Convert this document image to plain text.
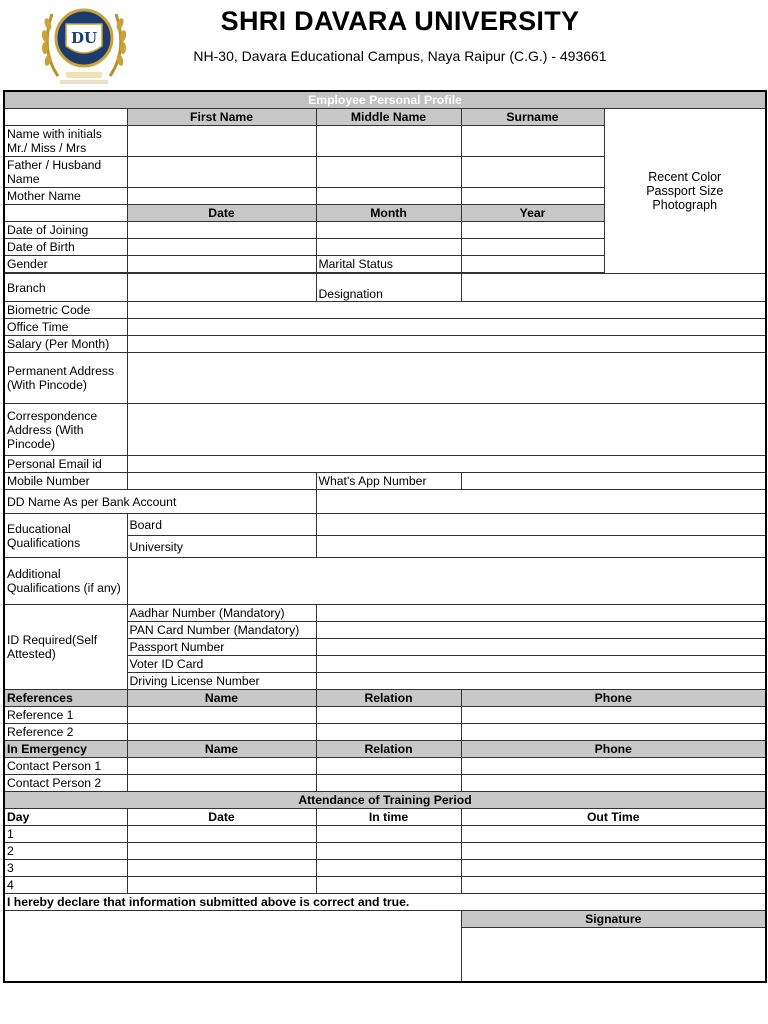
DU
SHRI DAVARA UNIVERSITY
NH-30, Davara Educational Campus, Naya Raipur (C.G.) - 493661
Employee Personal Profile				
	First Name	Middle Name	Surname	Recent Color Passport Size Photograph
Name with initials Mr./ Miss / Mrs				
Father / Husband Name				
Mother Name				
	Date	Month	Year	
Date of Joining				
Date of Birth				
Gender		Marital Status		

Branch		Designation		
Biometric Code				
Office Time				
Salary (Per Month)				
Permanent Address (With Pincode)				
Correspondence Address (With Pincode)				
Personal Email id				
Mobile Number		What's App Number		
DD Name As per Bank Account				
Educational Qualifications	Board			
	University			
Additional Qualifications (if any)				
ID Required(Self Attested)	Aadhar Number (Mandatory)			
	PAN Card Number (Mandatory)			
	Passport Number			
	Voter ID Card			
	Driving License Number			
References	Name	Relation	Phone	
Reference 1				
Reference 2				
In Emergency	Name	Relation	Phone	
Contact Person 1				
Contact Person 2				
Attendance of Training Period				
Day	Date	In time	Out Time	
1				
2				
3				
4				
I hereby declare that information submitted above is correct and true.				
			Signature	
